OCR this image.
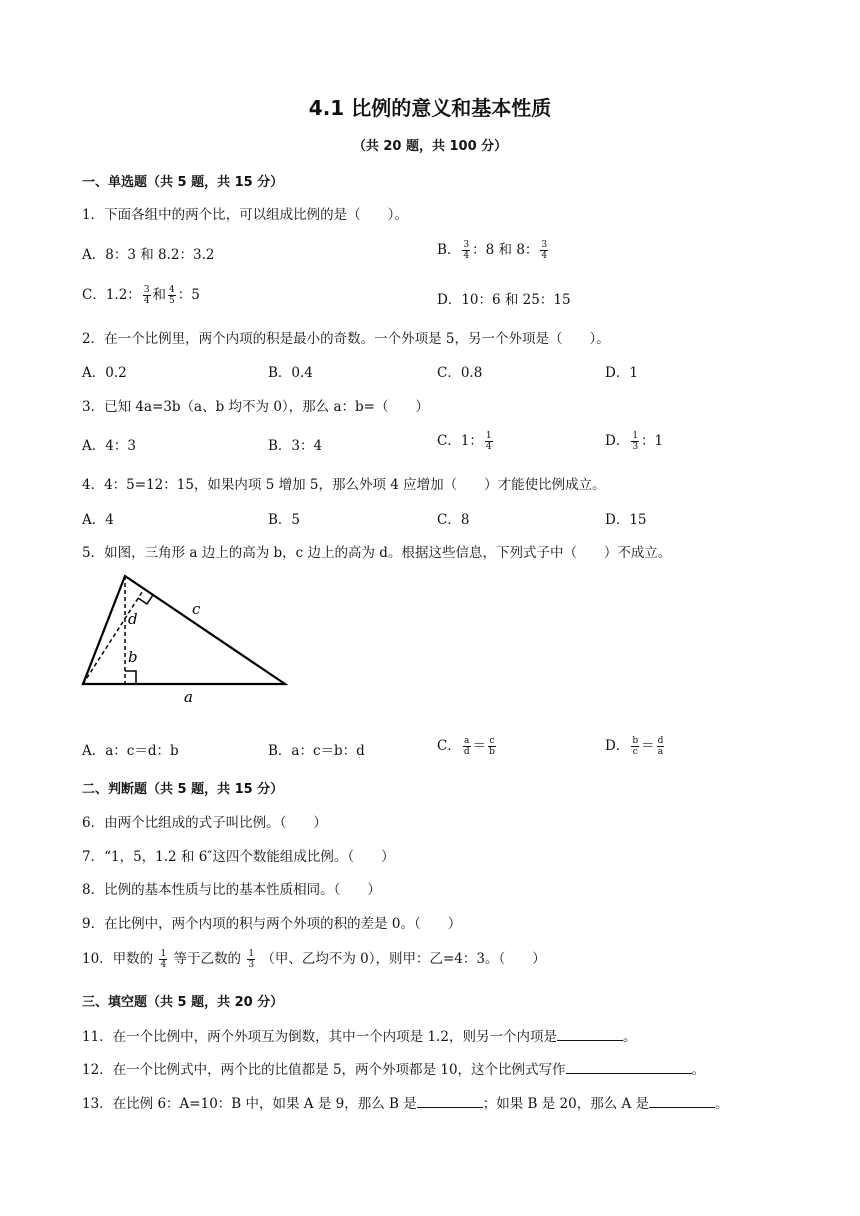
4.1 比例的意义和基本性质
（共 20 题，共 100 分）
一、单选题（共 5 题，共 15 分）
1．下面各组中的两个比，可以组成比例的是（　　）。
A．8：3 和 8.2：3.2	B． $\frac{3}{4}$ ：8 和 8： $\frac{3}{4}$
C．1.2： $\frac{3}{4}$ 和 $\frac{4}{5}$ ：5	D．10：6 和 25：15
2．在一个比例里，两个内项的积是最小的奇数。一个外项是 5，另一个外项是（　　）。
A．0.2	B．0.4	C．0.8	D．1
3．已知 4a=3b（a、b 均不为 0），那么 a：b=（　　）
A．4：3	B．3：4	C．1： $\frac{1}{4}$	D． $\frac{1}{3}$ ：1
4．4：5=12：15，如果内项 5 增加 5，那么外项 4 应增加（　　）才能使比例成立。
A．4	B．5	C．8	D．15
5．如图，三角形 a 边上的高为 b，c 边上的高为 d。根据这些信息，下列式子中（　　）不成立。
a
b
c
d
A．a：c＝d：b	B．a：c＝b：d	C． $\frac{a}{d} = \frac{c}{b}$	D． $\frac{b}{c} = \frac{d}{a}$
二、判断题（共 5 题，共 15 分）
6．由两个比组成的式子叫比例。（　　）
7．“1，5，1.2 和 6″这四个数能组成比例。（　　）
8．比例的基本性质与比的基本性质相同。（　　）
9．在比例中，两个内项的积与两个外项的积的差是 0。（　　）
10．甲数的 $\frac{1}{4}$ 等于乙数的 $\frac{1}{3}$ （甲、乙均不为 0），则甲：乙=4：3。（　　）
三、填空题（共 5 题，共 20 分）
11．在一个比例中，两个外项互为倒数，其中一个内项是 1.2，则另一个内项是	。
12．在一个比例式中，两个比的比值都是 5，两个外项都是 10，这个比例式写作	。
13．在比例 6：A=10：B 中，如果 A 是 9，那么 B 是	；如果 B 是 20，那么 A 是	。
